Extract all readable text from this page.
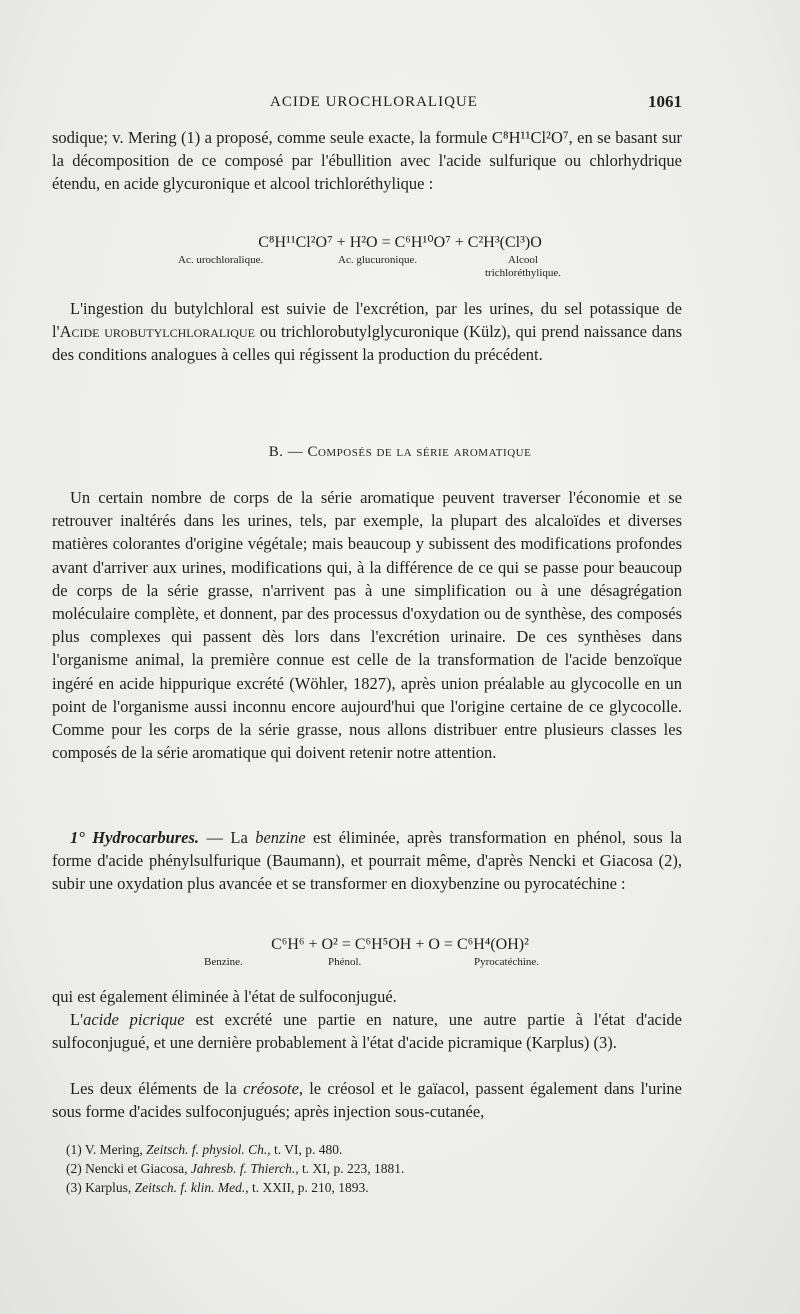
ACIDE UROCHLORALIQUE	1061

sodique; v. Mering (1) a proposé, comme seule exacte, la formule C⁸H¹¹Cl²O⁷, en se basant sur la décomposition de ce composé par l'ébullition avec l'acide sulfurique ou chlorhydrique étendu, en acide glycuronique et alcool trichloréthylique :

C⁸H¹¹Cl²O⁷ + H²O = C⁶H¹⁰O⁷ + C²H³(Cl³)O
Ac. urochloralique.	Ac. glucuronique.	Alcool
trichloréthylique.

L'ingestion du butylchloral est suivie de l'excrétion, par les urines, du sel potassique de l'Acide urobutylchloralique ou trichlorobutylglycuronique (Külz), qui prend naissance dans des conditions analogues à celles qui régissent la production du précédent.

B. — Composés de la série aromatique

Un certain nombre de corps de la série aromatique peuvent traverser l'économie et se retrouver inaltérés dans les urines, tels, par exemple, la plupart des alcaloïdes et diverses matières colorantes d'origine végétale; mais beaucoup y subissent des modifications profondes avant d'arriver aux urines, modifications qui, à la différence de ce qui se passe pour beaucoup de corps de la série grasse, n'arrivent pas à une simplification ou à une désagrégation moléculaire complète, et donnent, par des processus d'oxydation ou de synthèse, des composés plus complexes qui passent dès lors dans l'excrétion urinaire. De ces synthèses dans l'organisme animal, la première connue est celle de la transformation de l'acide benzoïque ingéré en acide hippurique excrété (Wöhler, 1827), après union préalable au glycocolle en un point de l'organisme aussi inconnu encore aujourd'hui que l'origine certaine de ce glycocolle. Comme pour les corps de la série grasse, nous allons distribuer entre plusieurs classes les composés de la série aromatique qui doivent retenir notre attention.

1° Hydrocarbures. — La benzine est éliminée, après transformation en phénol, sous la forme d'acide phénylsulfurique (Baumann), et pourrait même, d'après Nencki et Giacosa (2), subir une oxydation plus avancée et se transformer en dioxybenzine ou pyrocatéchine :

C⁶H⁶ + O² = C⁶H⁵OH + O = C⁶H⁴(OH)²
Benzine.	Phénol.	Pyrocatéchine.

qui est également éliminée à l'état de sulfoconjugué.

L'acide picrique est excrété une partie en nature, une autre partie à l'état d'acide sulfoconjugué, et une dernière probablement à l'état d'acide picramique (Karplus) (3).

Les deux éléments de la créosote, le créosol et le gaïacol, passent également dans l'urine sous forme d'acides sulfoconjugués; après injection sous-cutanée,

(1) V. Mering, Zeitsch. f. physiol. Ch., t. VI, p. 480.
(2) Nencki et Giacosa, Jahresb. f. Thierch., t. XI, p. 223, 1881.
(3) Karplus, Zeitsch. f. klin. Med., t. XXII, p. 210, 1893.
